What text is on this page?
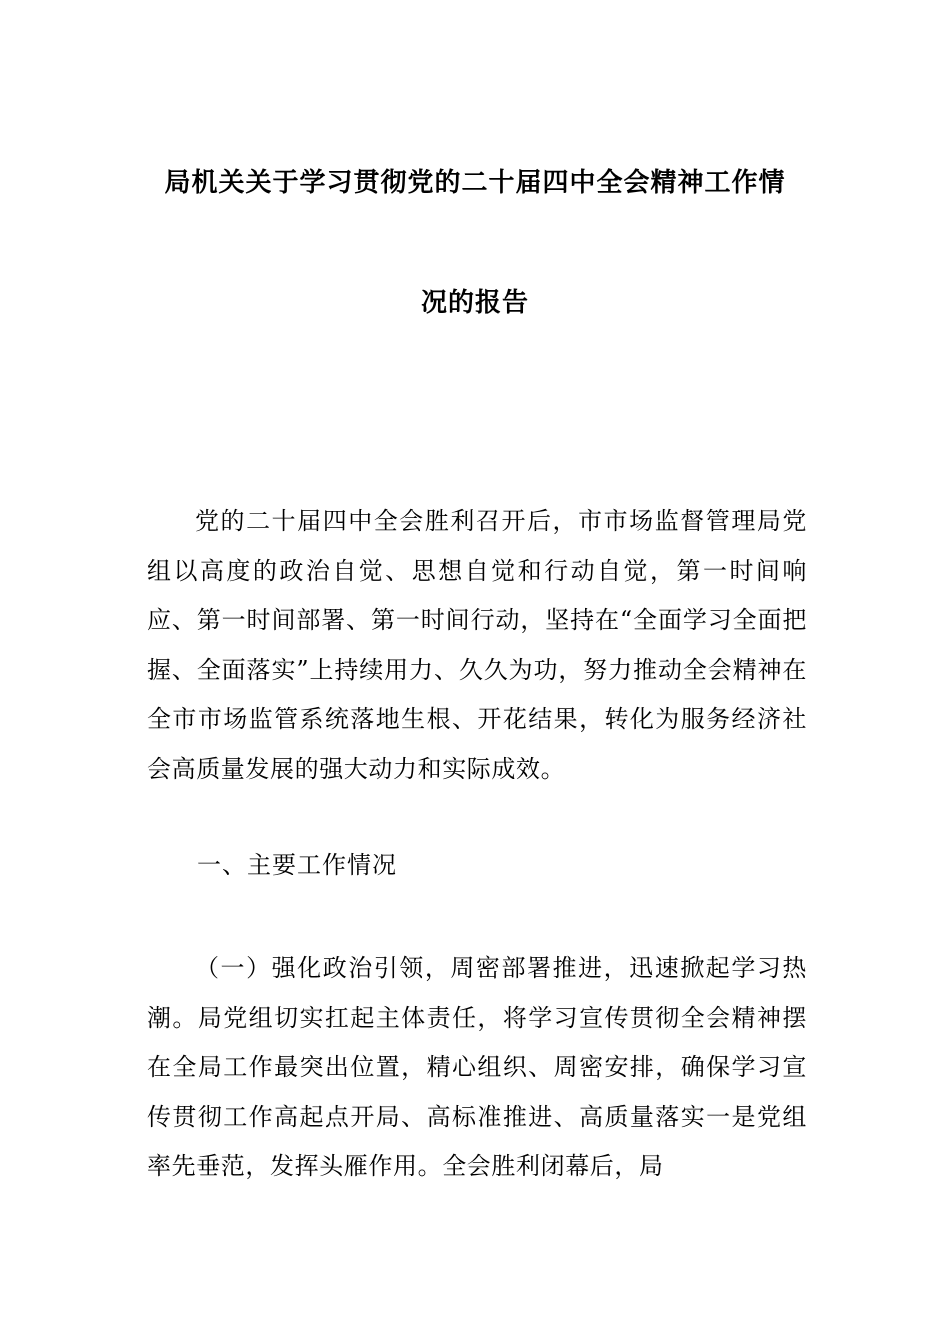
局机关关于学习贯彻党的二十届四中全会精神工作情
况的报告
党的二十届四中全会胜利召开后，市市场监督管理局党组以高度的政治自觉、思想自觉和行动自觉，第一时间响应、第一时间部署、第一时间行动，坚持在“全面学习全面把握、全面落实”上持续用力、久久为功，努力推动全会精神在全市市场监管系统落地生根、开花结果，转化为服务经济社会高质量发展的强大动力和实际成效。
一、主要工作情况
（一）强化政治引领，周密部署推进，迅速掀起学习热潮。局党组切实扛起主体责任，将学习宣传贯彻全会精神摆在全局工作最突出位置，精心组织、周密安排，确保学习宣传贯彻工作高起点开局、高标准推进、高质量落实一是党组率先垂范，发挥头雁作用。全会胜利闭幕后，局
